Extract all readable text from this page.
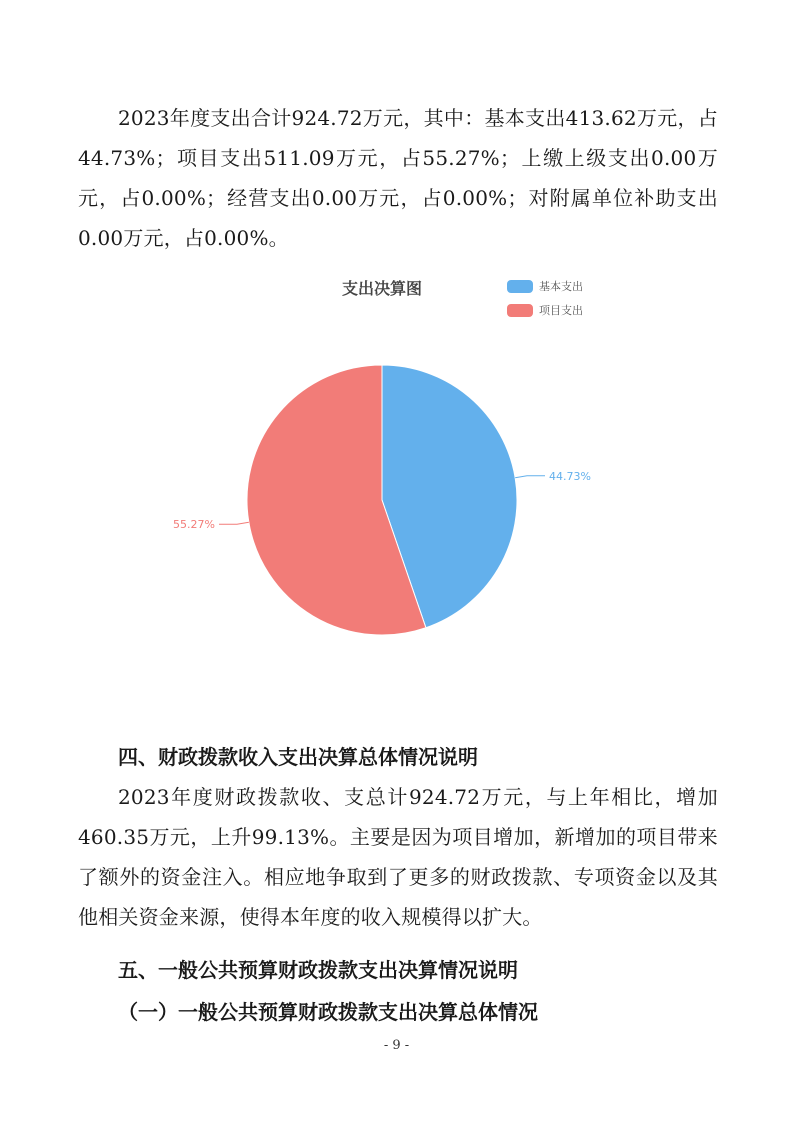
2023年度支出合计924.72万元，其中：基本支出413.62万元，占44.73%；项目支出511.09万元，占55.27%；上缴上级支出0.00万元，占0.00%；经营支出0.00万元，占0.00%；对附属单位补助支出0.00万元，占0.00%。

支出决算图	基本支出
项目支出
44.73%
55.27%

四、财政拨款收入支出决算总体情况说明

2023年度财政拨款收、支总计924.72万元，与上年相比，增加460.35万元，上升99.13%。主要是因为项目增加，新增加的项目带来了额外的资金注入。相应地争取到了更多的财政拨款、专项资金以及其他相关资金来源，使得本年度的收入规模得以扩大。

五、一般公共预算财政拨款支出决算情况说明

（一）一般公共预算财政拨款支出决算总体情况

- 9 -
